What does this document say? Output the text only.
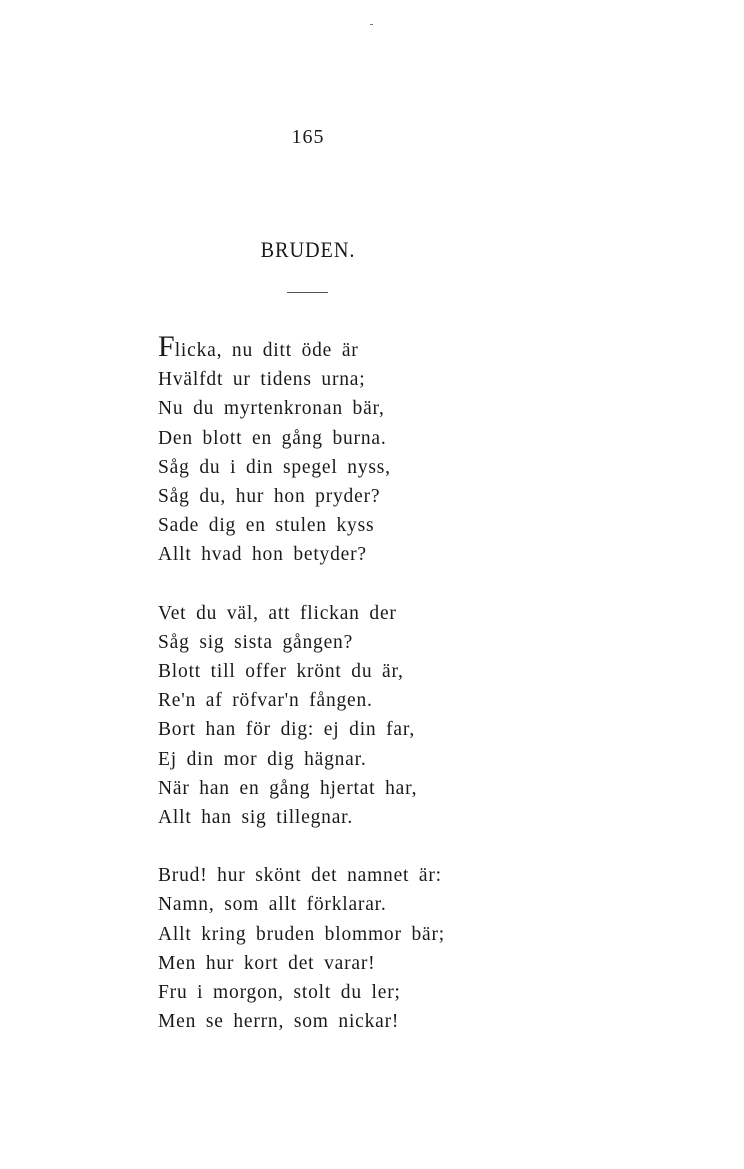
165
BRUDEN.
Flicka, nu ditt öde är
Hvälfdt ur tidens urna;
Nu du myrtenkronan bär,
Den blott en gång burna.
Såg du i din spegel nyss,
Såg du, hur hon pryder?
Sade dig en stulen kyss
Allt hvad hon betyder?
Vet du väl, att flickan der
Såg sig sista gången?
Blott till offer krönt du är,
Re'n af röfvar'n fången.
Bort han för dig: ej din far,
Ej din mor dig hägnar.
När han en gång hjertat har,
Allt han sig tillegnar.
Brud! hur skönt det namnet är:
Namn, som allt förklarar.
Allt kring bruden blommor bär;
Men hur kort det varar!
Fru i morgon, stolt du ler;
Men se herrn, som nickar!
